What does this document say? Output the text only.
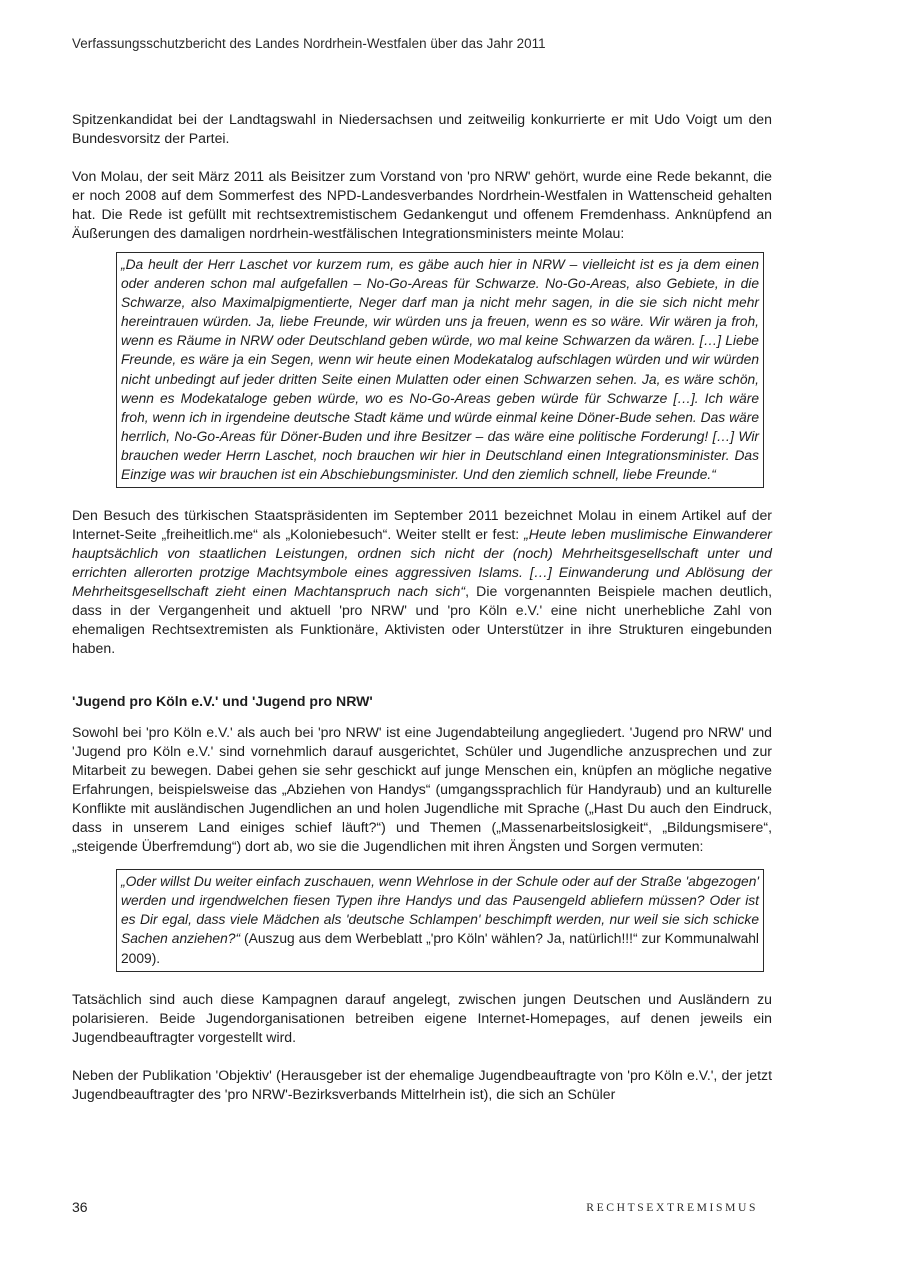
Verfassungsschutzbericht des Landes Nordrhein-Westfalen über das Jahr 2011

Spitzenkandidat bei der Landtagswahl in Niedersachsen und zeitweilig konkurrierte er mit Udo Voigt um den Bundesvorsitz der Partei.

Von Molau, der seit März 2011 als Beisitzer zum Vorstand von 'pro NRW' gehört, wurde eine Rede bekannt, die er noch 2008 auf dem Sommerfest des NPD-Landesverbandes Nordrhein-Westfalen in Wattenscheid gehalten hat. Die Rede ist gefüllt mit rechtsextremistischem Gedankengut und offenem Fremdenhass. Anknüpfend an Äußerungen des damaligen nordrhein-westfälischen Integrationsministers meinte Molau:

„Da heult der Herr Laschet vor kurzem rum, es gäbe auch hier in NRW – vielleicht ist es ja dem einen oder anderen schon mal aufgefallen – No-Go-Areas für Schwarze. No-Go-Areas, also Gebiete, in die Schwarze, also Maximalpigmentierte, Neger darf man ja nicht mehr sagen, in die sie sich nicht mehr hereintrauen würden. Ja, liebe Freunde, wir würden uns ja freuen, wenn es so wäre. Wir wären ja froh, wenn es Räume in NRW oder Deutschland geben würde, wo mal keine Schwarzen da wären. […] Liebe Freunde, es wäre ja ein Segen, wenn wir heute einen Modekatalog aufschlagen würden und wir würden nicht unbedingt auf jeder dritten Seite einen Mulatten oder einen Schwarzen sehen. Ja, es wäre schön, wenn es Modekataloge geben würde, wo es No-Go-Areas geben würde für Schwarze […]. Ich wäre froh, wenn ich in irgendeine deutsche Stadt käme und würde einmal keine Döner-Bude sehen. Das wäre herrlich, No-Go-Areas für Döner-Buden und ihre Besitzer – das wäre eine politische Forderung! […] Wir brauchen weder Herrn Laschet, noch brauchen wir hier in Deutschland einen Integrationsminister. Das Einzige was wir brauchen ist ein Abschiebungsminister. Und den ziemlich schnell, liebe Freunde.“

Den Besuch des türkischen Staatspräsidenten im September 2011 bezeichnet Molau in einem Artikel auf der Internet-Seite „freiheitlich.me“ als „Koloniebesuch“. Weiter stellt er fest: „Heute leben muslimische Einwanderer hauptsächlich von staatlichen Leistungen, ordnen sich nicht der (noch) Mehrheitsgesellschaft unter und errichten allerorten protzige Machtsymbole eines aggressiven Islams. […] Einwanderung und Ablösung der Mehrheitsgesellschaft zieht einen Machtanspruch nach sich“, Die vorgenannten Beispiele machen deutlich, dass in der Vergangenheit und aktuell 'pro NRW' und 'pro Köln e.V.' eine nicht unerhebliche Zahl von ehemaligen Rechtsextremisten als Funktionäre, Aktivisten oder Unterstützer in ihre Strukturen eingebunden haben.

'Jugend pro Köln e.V.' und 'Jugend pro NRW'

Sowohl bei 'pro Köln e.V.' als auch bei 'pro NRW' ist eine Jugendabteilung angegliedert. 'Jugend pro NRW' und 'Jugend pro Köln e.V.' sind vornehmlich darauf ausgerichtet, Schüler und Jugendliche anzusprechen und zur Mitarbeit zu bewegen. Dabei gehen sie sehr geschickt auf junge Menschen ein, knüpfen an mögliche negative Erfahrungen, beispielsweise das „Abziehen von Handys“ (umgangssprachlich für Handyraub) und an kulturelle Konflikte mit ausländischen Jugendlichen an und holen Jugendliche mit Sprache („Hast Du auch den Eindruck, dass in unserem Land einiges schief läuft?“) und Themen („Massenarbeitslosigkeit“, „Bildungsmisere“, „steigende Überfremdung“) dort ab, wo sie die Jugendlichen mit ihren Ängsten und Sorgen vermuten:

„Oder willst Du weiter einfach zuschauen, wenn Wehrlose in der Schule oder auf der Straße 'abgezogen' werden und irgendwelchen fiesen Typen ihre Handys und das Pausengeld abliefern müssen? Oder ist es Dir egal, dass viele Mädchen als 'deutsche Schlampen' beschimpft werden, nur weil sie sich schicke Sachen anziehen?“ (Auszug aus dem Werbeblatt „'pro Köln' wählen? Ja, natürlich!!!“ zur Kommunalwahl 2009).

Tatsächlich sind auch diese Kampagnen darauf angelegt, zwischen jungen Deutschen und Ausländern zu polarisieren. Beide Jugendorganisationen betreiben eigene Internet-Homepages, auf denen jeweils ein Jugendbeauftragter vorgestellt wird.

Neben der Publikation 'Objektiv' (Herausgeber ist der ehemalige Jugendbeauftragte von 'pro Köln e.V.', der jetzt Jugendbeauftragter des 'pro NRW'-Bezirksverbands Mittelrhein ist), die sich an Schüler

36	RECHTSEXTREMISMUS
